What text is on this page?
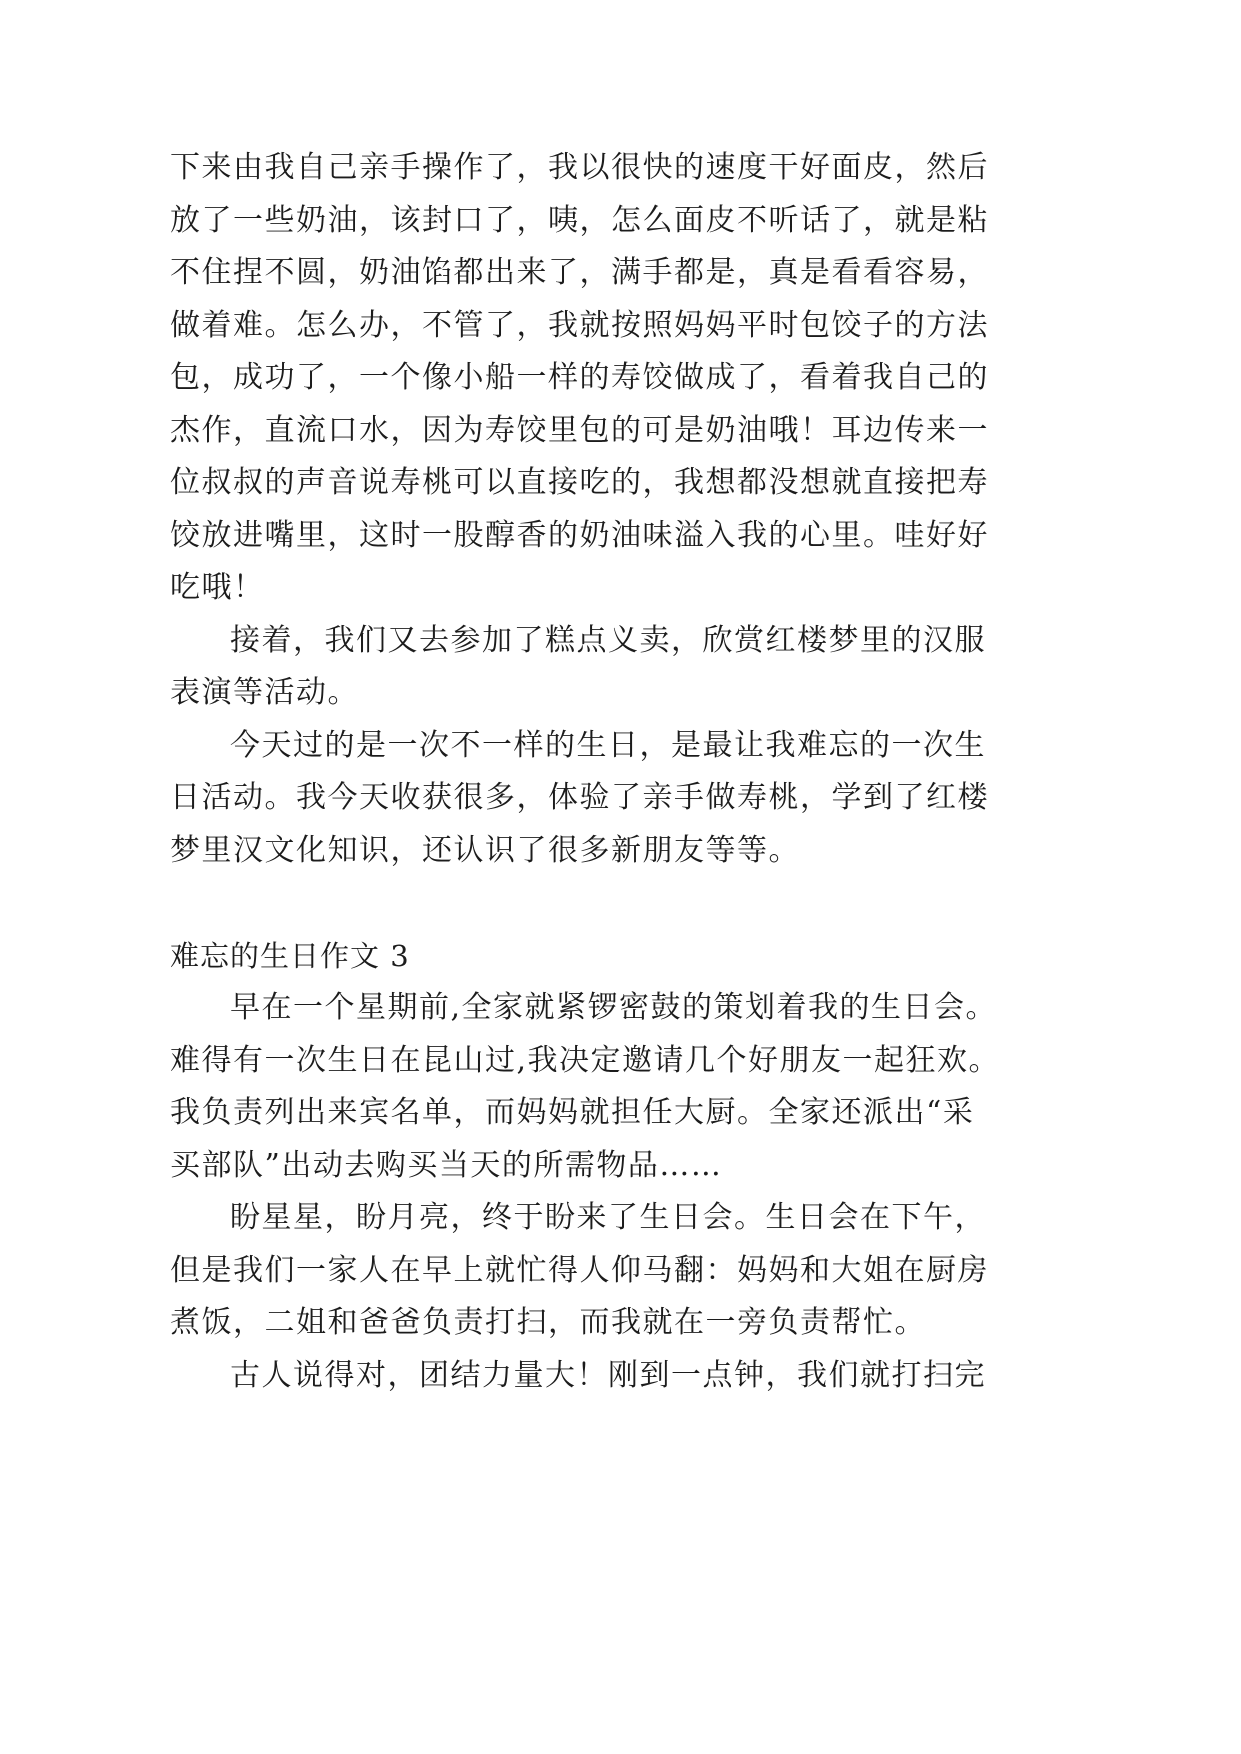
下来由我自己亲手操作了，我以很快的速度干好面皮，然后
放了一些奶油，该封口了，咦，怎么面皮不听话了，就是粘
不住捏不圆，奶油馅都出来了，满手都是，真是看看容易，
做着难。怎么办，不管了，我就按照妈妈平时包饺子的方法
包，成功了，一个像小船一样的寿饺做成了，看着我自己的
杰作，直流口水，因为寿饺里包的可是奶油哦！耳边传来一
位叔叔的声音说寿桃可以直接吃的，我想都没想就直接把寿
饺放进嘴里，这时一股醇香的奶油味溢入我的心里。哇好好
吃哦！
接着，我们又去参加了糕点义卖，欣赏红楼梦里的汉服
表演等活动。
今天过的是一次不一样的生日，是最让我难忘的一次生
日活动。我今天收获很多，体验了亲手做寿桃，学到了红楼
梦里汉文化知识，还认识了很多新朋友等等。
难忘的生日作文 3
早在一个星期前,全家就紧锣密鼓的策划着我的生日会。
难得有一次生日在昆山过,我决定邀请几个好朋友一起狂欢。
我负责列出来宾名单，而妈妈就担任大厨。全家还派出“采
买部队”出动去购买当天的所需物品……
盼星星，盼月亮，终于盼来了生日会。生日会在下午，
但是我们一家人在早上就忙得人仰马翻：妈妈和大姐在厨房
煮饭，二姐和爸爸负责打扫，而我就在一旁负责帮忙。
古人说得对，团结力量大！刚到一点钟，我们就打扫完
